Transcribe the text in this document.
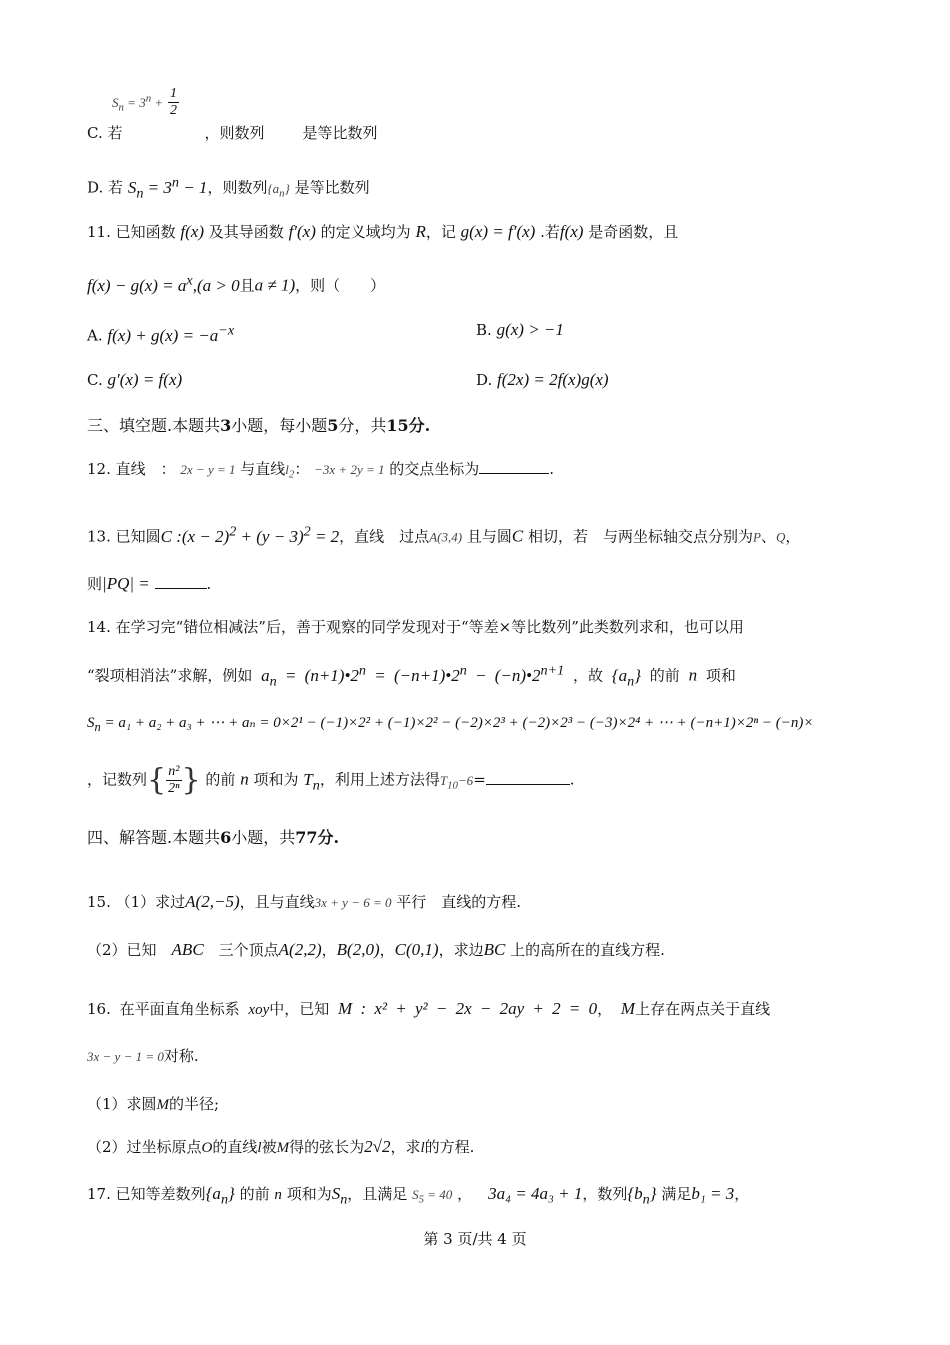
$S_n = 3^n + \frac{1}{2}$
C. 若	，则数列	是等比数列
D. 若 $S_n = 3^n - 1$，则数列$\{a_n\}$ 是等比数列
11. 已知函数 f(x) 及其导函数 f′(x) 的定义域均为 R，记 g(x) = f′(x) .若f(x) 是奇函数，且
$f(x) - g(x) = a^x,(a > 0$且a ≠ 1)，则（　　）
A. $f(x) + g(x) = -a^{-x}$	B. g(x) > −1
C. g′(x) = f(x)	D. f(2x) = 2f(x)g(x)
三、填空题.本题共3小题，每小题5分，共15分.
12. 直线　： 2x − y = 1 与直线$l_2$： −3x + 2y = 1 的交点坐标为	.
13. 已知圆C :(x − $2)^2 + (y - 3)^2 = 2$，直线　过点A(3,4) 且与圆C 相切，若　与两坐标轴交点分别为P、Q，
则|PQ| =	.
14. 在学习完“错位相减法”后，善于观察的同学发现对于“等差×等比数列”此类数列求和，也可以用
“裂项相消法”求解，例如 $a_n$ = $(n+1)•2^n$ = $(-n+1)•2^n$ − $(-n)•2^{n+1}$ ，故 $\{a_n\}$ 的前 n 项和
$S_n = a_1 + a_2 + a_3$ + ⋯ + aₙ = 0×2¹ − (−1)×2² + (−1)×2² − (−2)×2³ + (−2)×2³ − (−3)×2⁴ + ⋯ + (−n+1)×2ⁿ − (−n)×
，记数列{ $\frac{\text{n²}}{\text{2ⁿ}}$ } 的前 n 项和为 $T_n$，利用上述方法得$T_{10}-6=$	.
四、解答题.本题共6小题，共77分.
15. （1）求过A(2,−5)，且与直线3x + y − 6 = 0 平行　直线的方程.
（2）已知　ABC　三个顶点A(2,2)，B(2,0)，C(0,1)，求边BC 上的高所在的直线方程.
16. 在平面直角坐标系 xoy中，已知 M : x² + y² − 2x − 2ay + 2 = 0， M上存在两点关于直线
3x − y − 1 = 0对称.
（1）求圆M的半径;
（2）过坐标原点O的直线l被M得的弦长为2√2，求l的方程.
17. 已知等差数列$\{a_n\}$ 的前 n 项和为$S_n$，且满足 $S_5 = 40$ ， 3a₄ = 4a₃ + 1，数列$\{b_n\}$ 满足b₁ = 3，
第 3 页/共 4 页
